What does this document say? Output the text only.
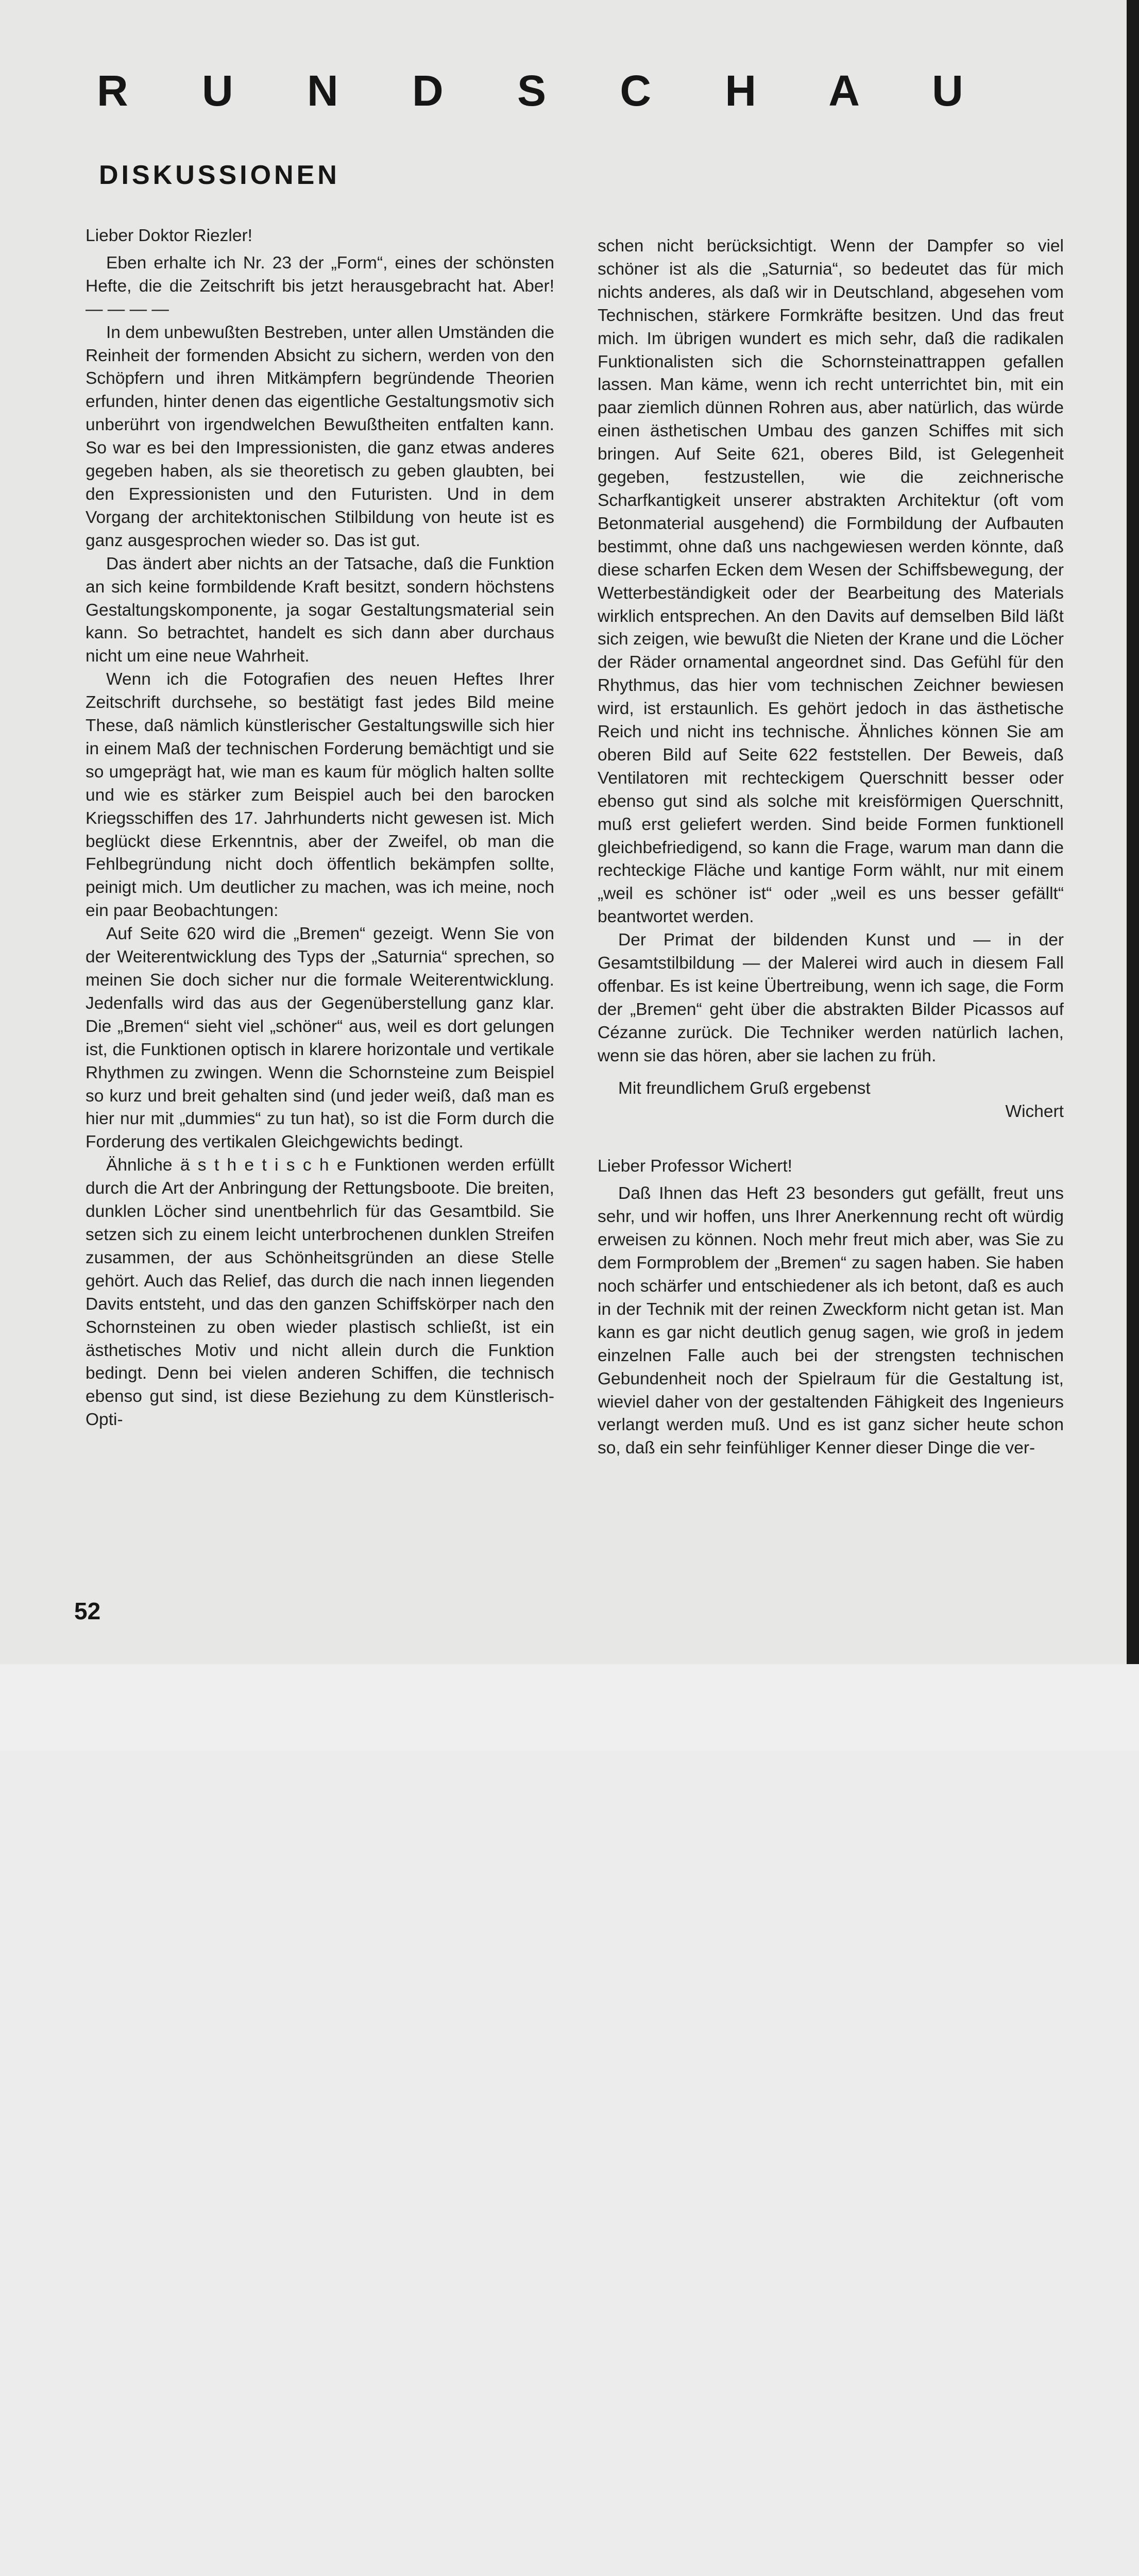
R U N D S C H A U
DISKUSSIONEN

Lieber Doktor Riezler!

Eben erhalte ich Nr. 23 der „Form“, eines der schönsten Hefte, die die Zeitschrift bis jetzt herausgebracht hat. Aber! — — — —

In dem unbewußten Bestreben, unter allen Umständen die Reinheit der formenden Absicht zu sichern, werden von den Schöpfern und ihren Mitkämpfern begründende Theorien erfunden, hinter denen das eigentliche Gestaltungsmotiv sich unberührt von irgendwelchen Bewußtheiten entfalten kann. So war es bei den Impressionisten, die ganz etwas anderes gegeben haben, als sie theoretisch zu geben glaubten, bei den Expressionisten und den Futuristen. Und in dem Vorgang der architektonischen Stilbildung von heute ist es ganz ausgesprochen wieder so. Das ist gut.

Das ändert aber nichts an der Tatsache, daß die Funktion an sich keine formbildende Kraft besitzt, sondern höchstens Gestaltungskomponente, ja sogar Gestaltungsmaterial sein kann. So betrachtet, handelt es sich dann aber durchaus nicht um eine neue Wahrheit.

Wenn ich die Fotografien des neuen Heftes Ihrer Zeitschrift durchsehe, so bestätigt fast jedes Bild meine These, daß nämlich künstlerischer Gestaltungswille sich hier in einem Maß der technischen Forderung bemächtigt und sie so umgeprägt hat, wie man es kaum für möglich halten sollte und wie es stärker zum Beispiel auch bei den barocken Kriegsschiffen des 17. Jahrhunderts nicht gewesen ist. Mich beglückt diese Erkenntnis, aber der Zweifel, ob man die Fehlbegründung nicht doch öffentlich bekämpfen sollte, peinigt mich. Um deutlicher zu machen, was ich meine, noch ein paar Beobachtungen:

Auf Seite 620 wird die „Bremen“ gezeigt. Wenn Sie von der Weiterentwicklung des Typs der „Saturnia“ sprechen, so meinen Sie doch sicher nur die formale Weiterentwicklung. Jedenfalls wird das aus der Gegenüberstellung ganz klar. Die „Bremen“ sieht viel „schöner“ aus, weil es dort gelungen ist, die Funktionen optisch in klarere horizontale und vertikale Rhythmen zu zwingen. Wenn die Schornsteine zum Beispiel so kurz und breit gehalten sind (und jeder weiß, daß man es hier nur mit „dummies“ zu tun hat), so ist die Form durch die Forderung des vertikalen Gleichgewichts bedingt.

Ähnliche ä s t h e t i s c h e Funktionen werden erfüllt durch die Art der Anbringung der Rettungsboote. Die breiten, dunklen Löcher sind unentbehrlich für das Gesamtbild. Sie setzen sich zu einem leicht unterbrochenen dunklen Streifen zusammen, der aus Schönheitsgründen an diese Stelle gehört. Auch das Relief, das durch die nach innen liegenden Davits entsteht, und das den ganzen Schiffskörper nach den Schornsteinen zu oben wieder plastisch schließt, ist ein ästhetisches Motiv und nicht allein durch die Funktion bedingt. Denn bei vielen anderen Schiffen, die technisch ebenso gut sind, ist diese Beziehung zu dem Künstlerisch-Opti-

schen nicht berücksichtigt. Wenn der Dampfer so viel schöner ist als die „Saturnia“, so bedeutet das für mich nichts anderes, als daß wir in Deutschland, abgesehen vom Technischen, stärkere Formkräfte besitzen. Und das freut mich. Im übrigen wundert es mich sehr, daß die radikalen Funktionalisten sich die Schornsteinattrappen gefallen lassen. Man käme, wenn ich recht unterrichtet bin, mit ein paar ziemlich dünnen Rohren aus, aber natürlich, das würde einen ästhetischen Umbau des ganzen Schiffes mit sich bringen. Auf Seite 621, oberes Bild, ist Gelegenheit gegeben, festzustellen, wie die zeichnerische Scharfkantigkeit unserer abstrakten Architektur (oft vom Betonmaterial ausgehend) die Formbildung der Aufbauten bestimmt, ohne daß uns nachgewiesen werden könnte, daß diese scharfen Ecken dem Wesen der Schiffsbewegung, der Wetterbeständigkeit oder der Bearbeitung des Materials wirklich entsprechen. An den Davits auf demselben Bild läßt sich zeigen, wie bewußt die Nieten der Krane und die Löcher der Räder ornamental angeordnet sind. Das Gefühl für den Rhythmus, das hier vom technischen Zeichner bewiesen wird, ist erstaunlich. Es gehört jedoch in das ästhetische Reich und nicht ins technische. Ähnliches können Sie am oberen Bild auf Seite 622 feststellen. Der Beweis, daß Ventilatoren mit rechteckigem Querschnitt besser oder ebenso gut sind als solche mit kreisförmigen Querschnitt, muß erst geliefert werden. Sind beide Formen funktionell gleichbefriedigend, so kann die Frage, warum man dann die rechteckige Fläche und kantige Form wählt, nur mit einem „weil es schöner ist“ oder „weil es uns besser gefällt“ beantwortet werden.

Der Primat der bildenden Kunst und — in der Gesamtstilbildung — der Malerei wird auch in diesem Fall offenbar. Es ist keine Übertreibung, wenn ich sage, die Form der „Bremen“ geht über die abstrakten Bilder Picassos auf Cézanne zurück. Die Techniker werden natürlich lachen, wenn sie das hören, aber sie lachen zu früh.

Mit freundlichem Gruß ergebenst

Wichert

Lieber Professor Wichert!

Daß Ihnen das Heft 23 besonders gut gefällt, freut uns sehr, und wir hoffen, uns Ihrer Anerkennung recht oft würdig erweisen zu können. Noch mehr freut mich aber, was Sie zu dem Formproblem der „Bremen“ zu sagen haben. Sie haben noch schärfer und entschiedener als ich betont, daß es auch in der Technik mit der reinen Zweckform nicht getan ist. Man kann es gar nicht deutlich genug sagen, wie groß in jedem einzelnen Falle auch bei der strengsten technischen Gebundenheit noch der Spielraum für die Gestaltung ist, wieviel daher von der gestaltenden Fähigkeit des Ingenieurs verlangt werden muß. Und es ist ganz sicher heute schon so, daß ein sehr feinfühliger Kenner dieser Dinge die ver-

52
